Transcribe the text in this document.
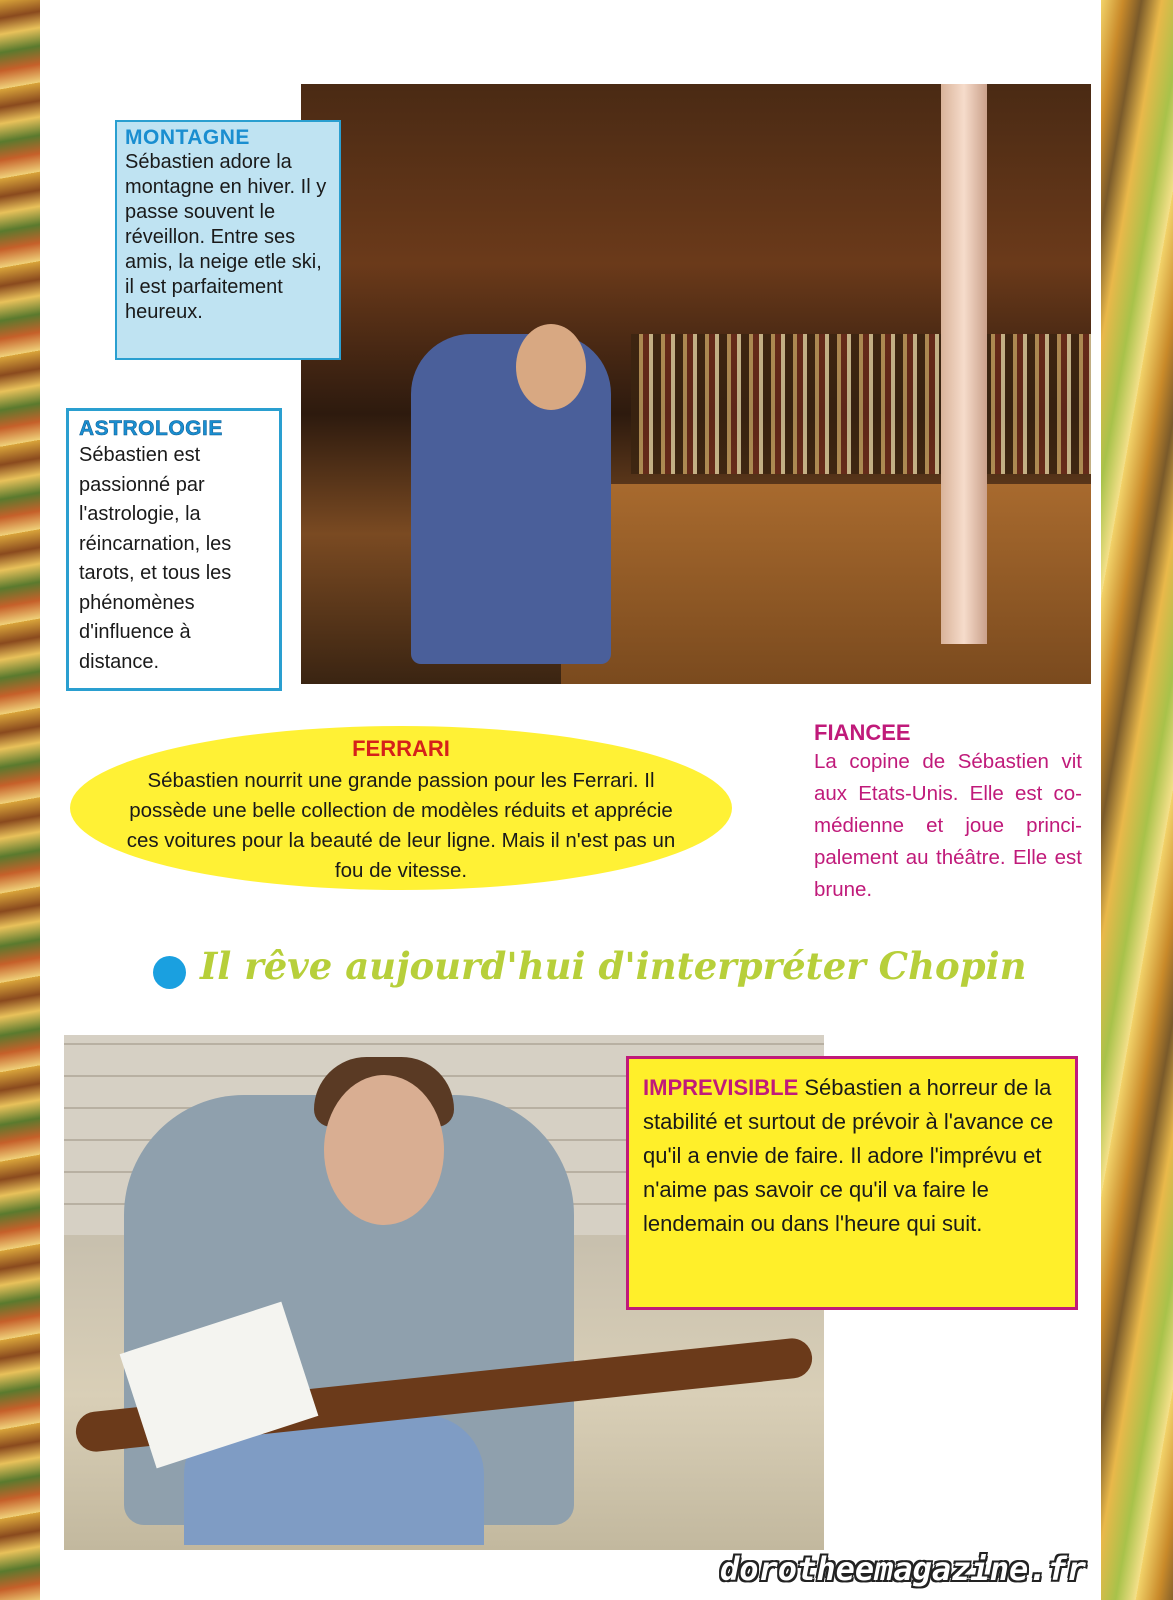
MONTAGNE
Sébastien adore la montagne en hiver. Il y passe souvent le réveillon. Entre ses amis, la neige etle ski, il est parfaitement heureux.
ASTROLOGIE
Sébastien est passionné par l'astrologie, la réincarnation, les tarots, et tous les phénomènes d'influence à distance.
FERRARI
Sébastien nourrit une grande passion pour les Ferrari. Il possède une belle collection de modèles réduits et apprécie ces voitures pour la beauté de leur ligne. Mais il n'est pas un fou de vitesse.
FIANCEE
La copine de Sébastien vit aux Etats-Unis. Elle est co-médienne et joue princi-palement au théâtre. Elle est brune.
Il rêve aujourd'hui d'interpréter Chopin
IMPREVISIBLE Sébastien a horreur de la stabilité et surtout de prévoir à l'avance ce qu'il a envie de faire. Il adore l'imprévu et n'aime pas savoir ce qu'il va faire le lendemain ou dans l'heure qui suit.
dorotheemagazine.fr
